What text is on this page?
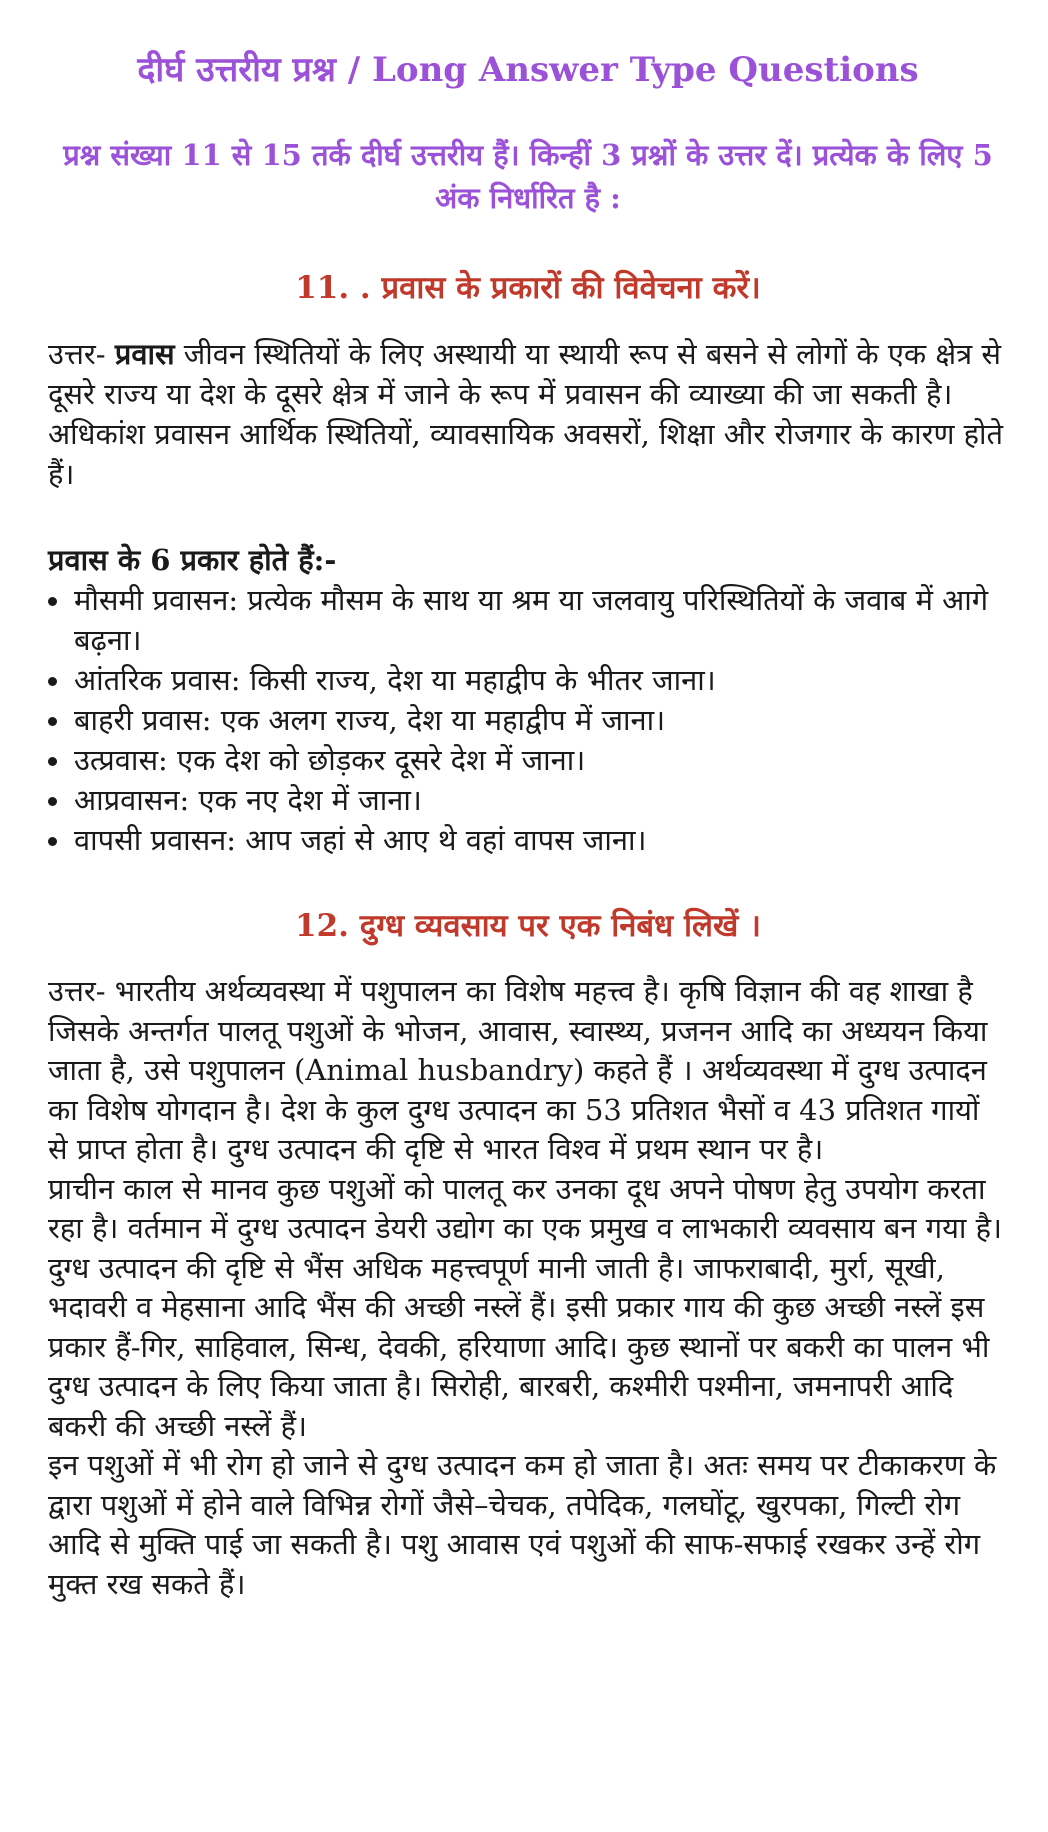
दीर्घ उत्तरीय प्रश्न / Long Answer Type Questions

प्रश्न संख्या 11 से 15 तर्क दीर्घ उत्तरीय हैं। किन्हीं 3 प्रश्नों के उत्तर दें। प्रत्येक के लिए 5 अंक निर्धारित है :

11. . प्रवास के प्रकारों की विवेचना करें।

उत्तर- प्रवास जीवन स्थितियों के लिए अस्थायी या स्थायी रूप से बसने से लोगों के एक क्षेत्र से दूसरे राज्य या देश के दूसरे क्षेत्र में जाने के रूप में प्रवासन की व्याख्या की जा सकती है। अधिकांश प्रवासन आर्थिक स्थितियों, व्यावसायिक अवसरों, शिक्षा और रोजगार के कारण होते हैं।

प्रवास के 6 प्रकार होते हैं:-

मौसमी प्रवासन: प्रत्येक मौसम के साथ या श्रम या जलवायु परिस्थितियों के जवाब में आगे बढ़ना।
आंतरिक प्रवास: किसी राज्य, देश या महाद्वीप के भीतर जाना।
बाहरी प्रवास: एक अलग राज्य, देश या महाद्वीप में जाना।
उत्प्रवास: एक देश को छोड़कर दूसरे देश में जाना।
आप्रवासन: एक नए देश में जाना।
वापसी प्रवासन: आप जहां से आए थे वहां वापस जाना।
12. दुग्ध व्यवसाय पर एक निबंध लिखें ।

उत्तर- भारतीय अर्थव्यवस्था में पशुपालन का विशेष महत्त्व है। कृषि विज्ञान की वह शाखा है जिसके अन्तर्गत पालतू पशुओं के भोजन, आवास, स्वास्थ्य, प्रजनन आदि का अध्ययन किया जाता है, उसे पशुपालन (Animal husbandry) कहते हैं । अर्थव्यवस्था में दुग्ध उत्पादन का विशेष योगदान है। देश के कुल दुग्ध उत्पादन का 53 प्रतिशत भैसों व 43 प्रतिशत गायों से प्राप्त होता है। दुग्ध उत्पादन की दृष्टि से भारत विश्व में प्रथम स्थान पर है।

प्राचीन काल से मानव कुछ पशुओं को पालतू कर उनका दूध अपने पोषण हेतु उपयोग करता रहा है। वर्तमान में दुग्ध उत्पादन डेयरी उद्योग का एक प्रमुख व लाभकारी व्यवसाय बन गया है। दुग्ध उत्पादन की दृष्टि से भैंस अधिक महत्त्वपूर्ण मानी जाती है। जाफराबादी, मुर्रा, सूखी, भदावरी व मेहसाना आदि भैंस की अच्छी नस्लें हैं। इसी प्रकार गाय की कुछ अच्छी नस्लें इस प्रकार हैं-गिर, साहिवाल, सिन्ध, देवकी, हरियाणा आदि। कुछ स्थानों पर बकरी का पालन भी दुग्ध उत्पादन के लिए किया जाता है। सिरोही, बारबरी, कश्मीरी पश्मीना, जमनापरी आदि बकरी की अच्छी नस्लें हैं।

इन पशुओं में भी रोग हो जाने से दुग्ध उत्पादन कम हो जाता है। अतः समय पर टीकाकरण के द्वारा पशुओं में होने वाले विभिन्न रोगों जैसे–चेचक, तपेदिक, गलघोंटू, खुरपका, गिल्टी रोग आदि से मुक्ति पाई जा सकती है। पशु आवास एवं पशुओं की साफ-सफाई रखकर उन्हें रोग मुक्त रख सकते हैं।
